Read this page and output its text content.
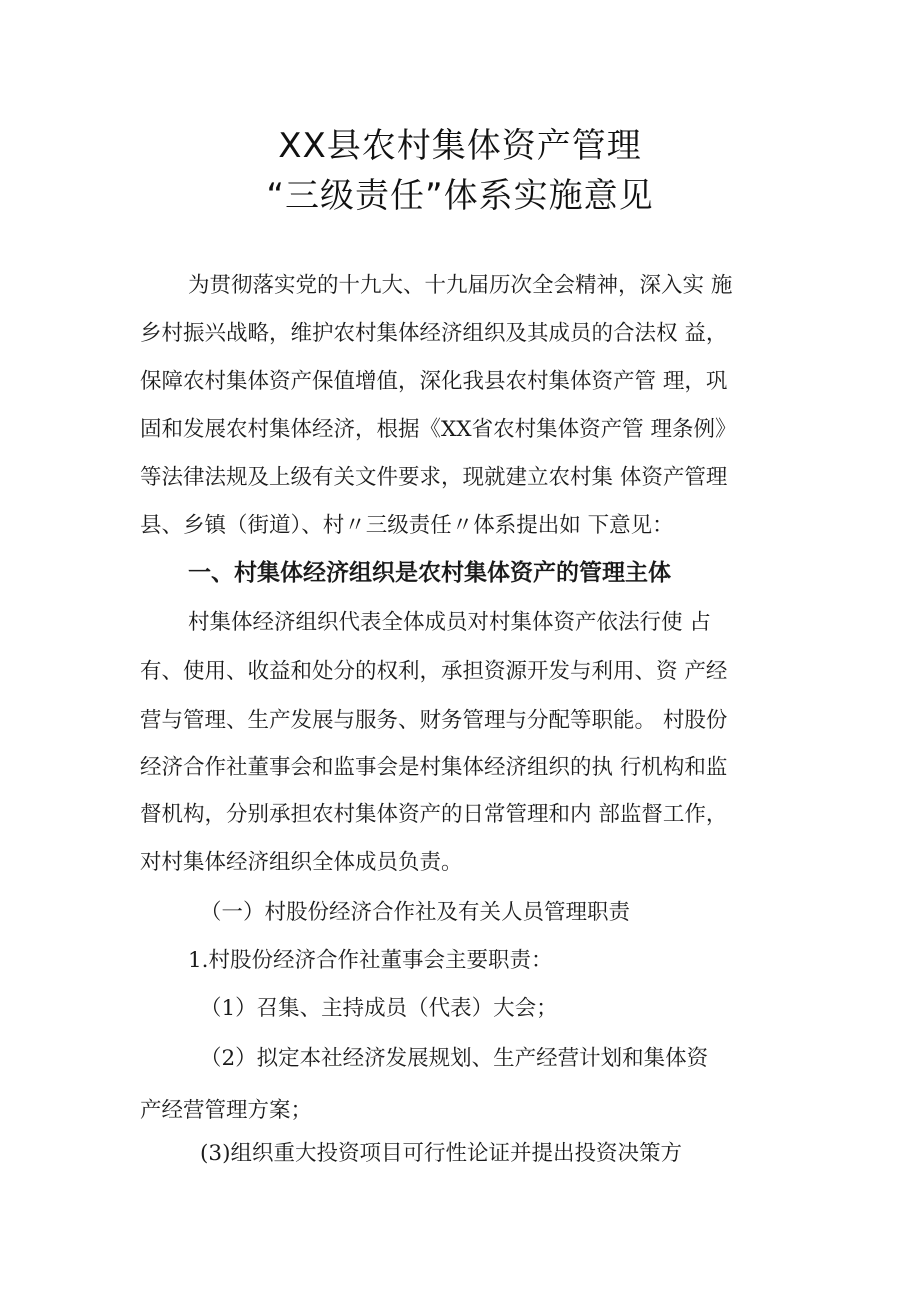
XX县农村集体资产管理
“三级责任”体系实施意见
为贯彻落实党的十九大、十九届历次全会精神，深入实 施
乡村振兴战略，维护农村集体经济组织及其成员的合法权 益，
保障农村集体资产保值增值，深化我县农村集体资产管 理，巩
固和发展农村集体经济，根据《XX省农村集体资产管 理条例》
等法律法规及上级有关文件要求，现就建立农村集 体资产管理
县、乡镇（街道）、村〃三级责任〃体系提出如 下意见：
一、村集体经济组织是农村集体资产的管理主体
村集体经济组织代表全体成员对村集体资产依法行使 占
有、使用、收益和处分的权利，承担资源开发与利用、资 产经
营与管理、生产发展与服务、财务管理与分配等职能。 村股份
经济合作社董事会和监事会是村集体经济组织的执 行机构和监
督机构，分别承担农村集体资产的日常管理和内 部监督工作，
对村集体经济组织全体成员负责。
（一）村股份经济合作社及有关人员管理职责
1.村股份经济合作社董事会主要职责：
（1）召集、主持成员（代表）大会；
（2）拟定本社经济发展规划、生产经营计划和集体资
产经营管理方案；
(3)组织重大投资项目可行性论证并提出投资决策方
